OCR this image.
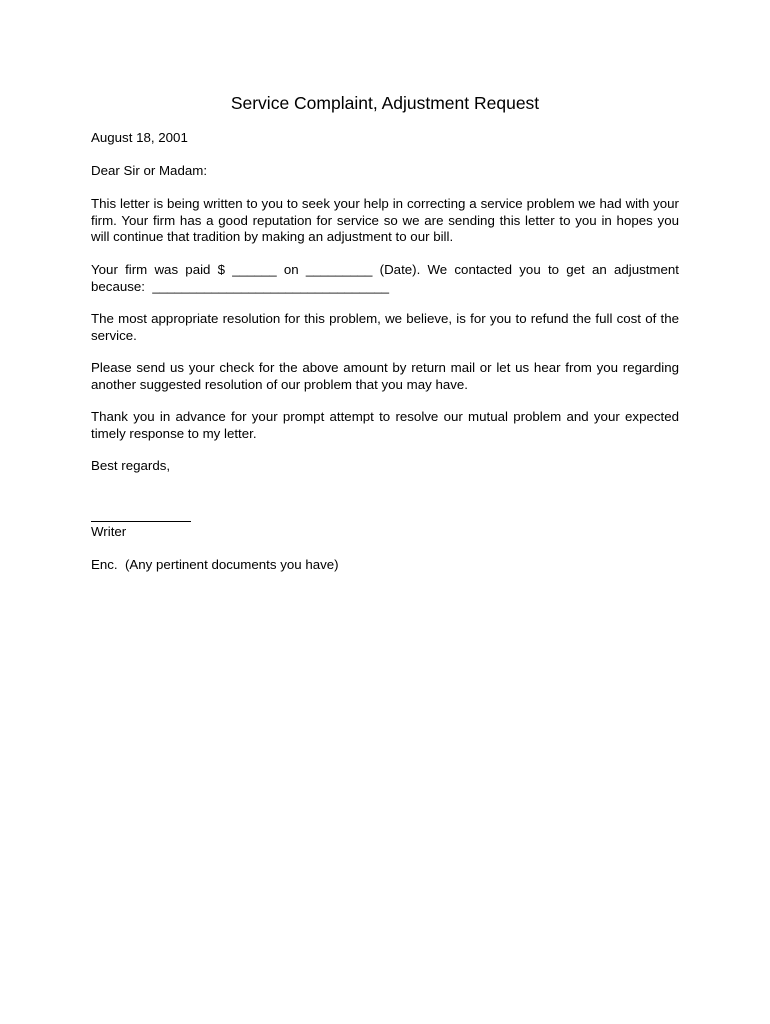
Service Complaint, Adjustment Request

August 18, 2001

Dear Sir or Madam:

This letter is being written to you to seek your help in correcting a service problem we had with your firm. Your firm has a good reputation for service so we are sending this letter to you in hopes you will continue that tradition by making an adjustment to our bill.

Your firm was paid $ ______ on _________ (Date). We contacted you to get an adjustment
because:  ________________________________

The most appropriate resolution for this problem, we believe, is for you to refund the full cost of the service.

Please send us your check for the above amount by return mail or let us hear from you regarding another suggested resolution of our problem that you may have.

Thank you in advance for your prompt attempt to resolve our mutual problem and your expected timely response to my letter.

Best regards,

Writer

Enc.  (Any pertinent documents you have)
